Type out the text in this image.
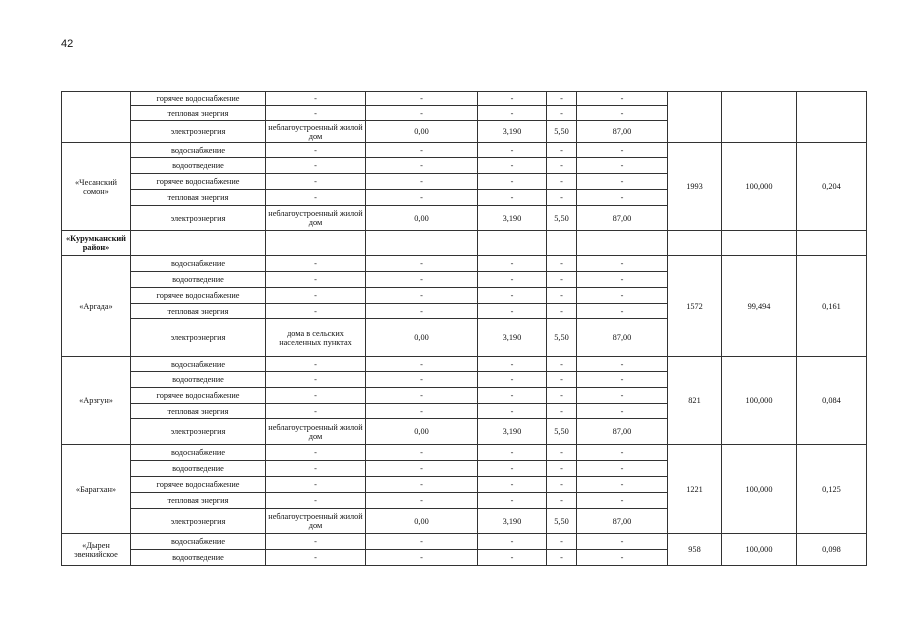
42
	горячее водоснабжение	-	-	-	-	-			
	тепловая энергия	-	-	-	-	-			
	электроэнергия	неблагоустроенный жилой дом	0,00	3,190	5,50	87,00			
«Чесанский сомон»	водоснабжение	-	-	-	-	-	1993	100,000	0,204
	водоотведение	-	-	-	-	-			
	горячее водоснабжение	-	-	-	-	-			
	тепловая энергия	-	-	-	-	-			
	электроэнергия	неблагоустроенный жилой дом	0,00	3,190	5,50	87,00			
«Курумканский район»									
«Аргада»	водоснабжение	-	-	-	-	-	1572	99,494	0,161
	водоотведение	-	-	-	-	-			
	горячее водоснабжение	-	-	-	-	-			
	тепловая энергия	-	-	-	-	-			
	электроэнергия	дома в сельских населенных пунктах	0,00	3,190	5,50	87,00			
«Арзгун»	водоснабжение	-	-	-	-	-	821	100,000	0,084
	водоотведение	-	-	-	-	-			
	горячее водоснабжение	-	-	-	-	-			
	тепловая энергия	-	-	-	-	-			
	электроэнергия	неблагоустроенный жилой дом	0,00	3,190	5,50	87,00			
«Барагхан»	водоснабжение	-	-	-	-	-	1221	100,000	0,125
	водоотведение	-	-	-	-	-			
	горячее водоснабжение	-	-	-	-	-			
	тепловая энергия	-	-	-	-	-			
	электроэнергия	неблагоустроенный жилой дом	0,00	3,190	5,50	87,00			
«Дырен эвенкийское	водоснабжение	-	-	-	-	-	958	100,000	0,098
	водоотведение	-	-	-	-	-			
